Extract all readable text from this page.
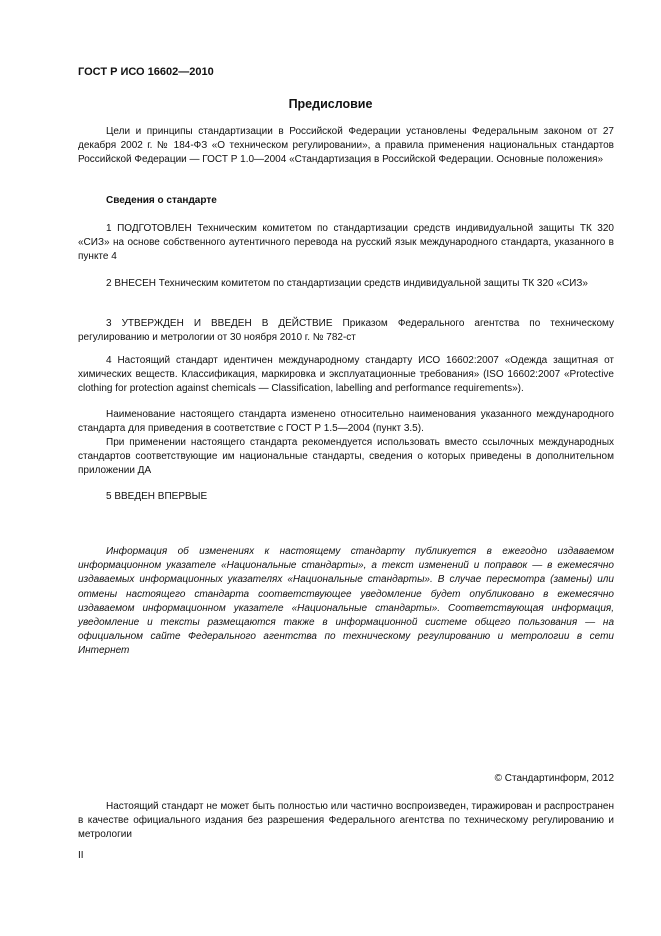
ГОСТ Р ИСО 16602—2010
Предисловие

Цели и принципы стандартизации в Российской Федерации установлены Федеральным законом от 27 декабря 2002 г. № 184-ФЗ «О техническом регулировании», а правила применения национальных стандартов Российской Федерации — ГОСТ Р 1.0—2004 «Стандартизация в Российской Федерации. Основные положения»

Сведения о стандарте

1 ПОДГОТОВЛЕН Техническим комитетом по стандартизации средств индивидуальной защиты ТК 320 «СИЗ» на основе собственного аутентичного перевода на русский язык международного стандарта, указанного в пункте 4

2 ВНЕСЕН Техническим комитетом по стандартизации средств индивидуальной защиты ТК 320 «СИЗ»

3 УТВЕРЖДЕН И ВВЕДЕН В ДЕЙСТВИЕ Приказом Федерального агентства по техническому регулированию и метрологии от 30 ноября 2010 г. № 782-ст

4 Настоящий стандарт идентичен международному стандарту ИСО 16602:2007 «Одежда защитная от химических веществ. Классификация, маркировка и эксплуатационные требования» (ISO 16602:2007 «Protective clothing for protection against chemicals — Classification, labelling and performance requirements»).

Наименование настоящего стандарта изменено относительно наименования указанного международного стандарта для приведения в соответствие с ГОСТ Р 1.5—2004 (пункт 3.5).

При применении настоящего стандарта рекомендуется использовать вместо ссылочных международных стандартов соответствующие им национальные стандарты, сведения о которых приведены в дополнительном приложении ДА

5 ВВЕДЕН ВПЕРВЫЕ

Информация об изменениях к настоящему стандарту публикуется в ежегодно издаваемом информационном указателе «Национальные стандарты», а текст изменений и поправок — в ежемесячно издаваемых информационных указателях «Национальные стандарты». В случае пересмотра (замены) или отмены настоящего стандарта соответствующее уведомление будет опубликовано в ежемесячно издаваемом информационном указателе «Национальные стандарты». Соответствующая информация, уведомление и тексты размещаются также в информационной системе общего пользования — на официальном сайте Федерального агентства по техническому регулированию и метрологии в сети Интернет

© Стандартинформ, 2012

Настоящий стандарт не может быть полностью или частично воспроизведен, тиражирован и распространен в качестве официального издания без разрешения Федерального агентства по техническому регулированию и метрологии

II
